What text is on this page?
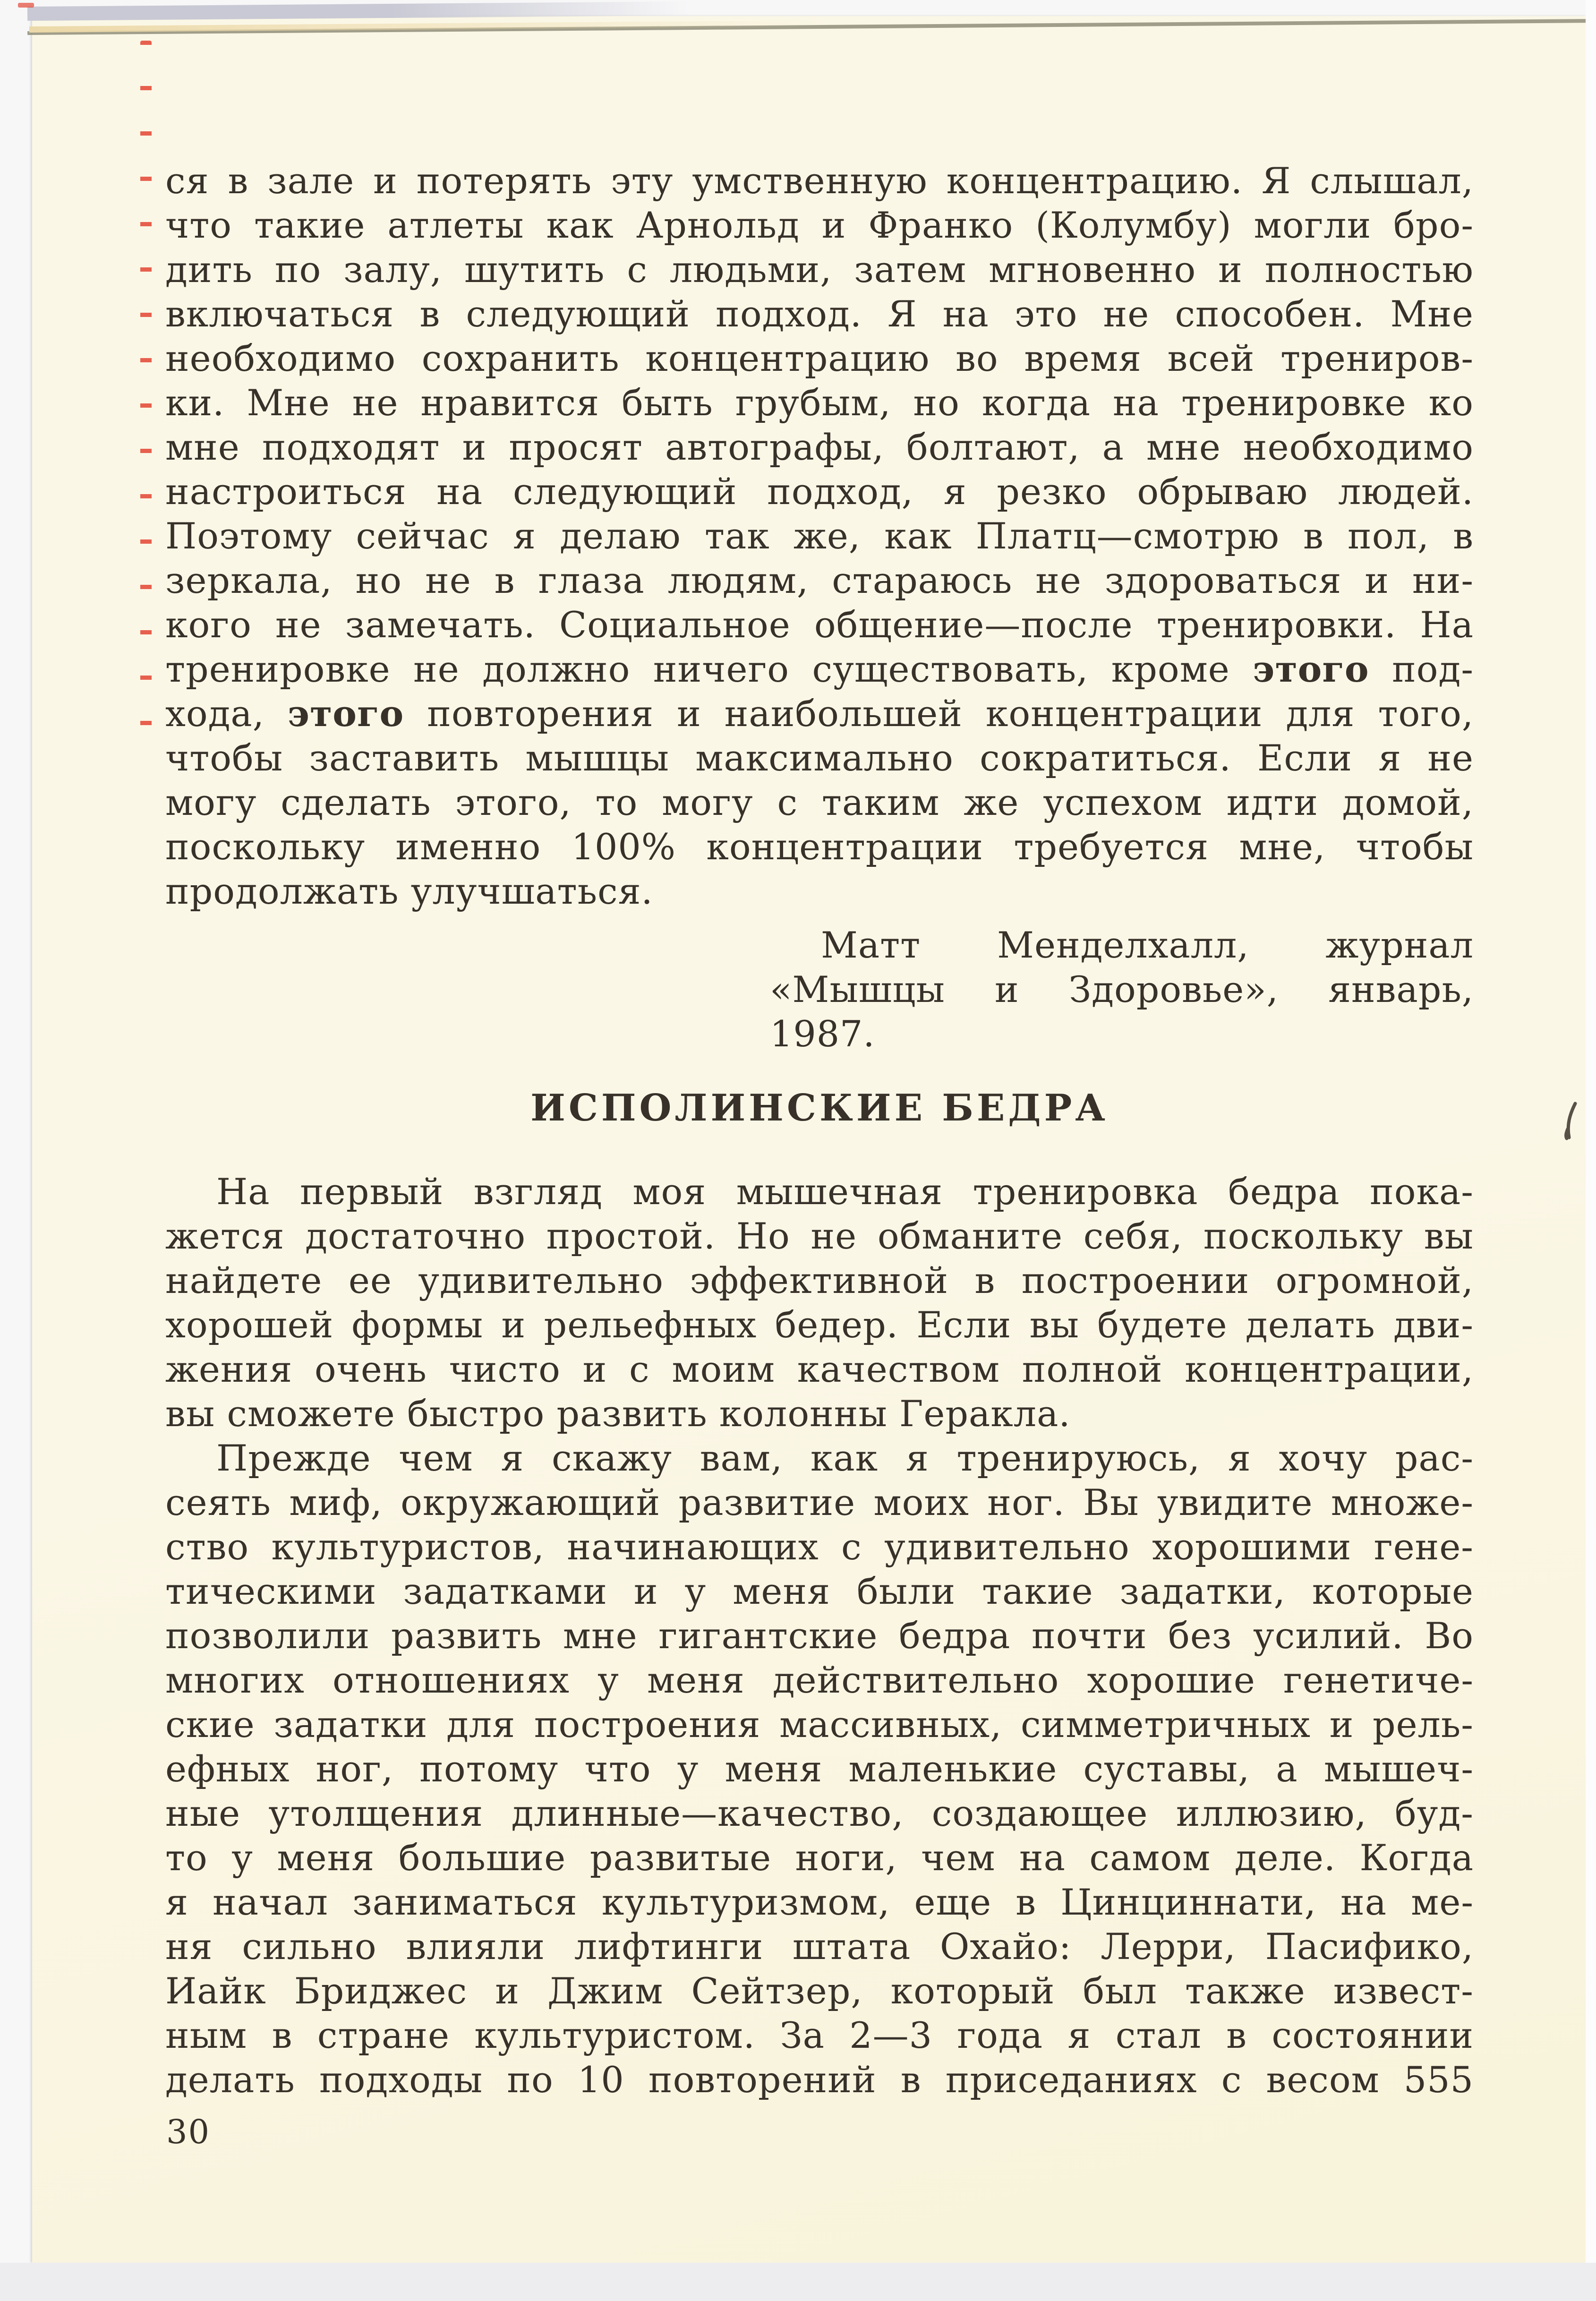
ся в зале и потерять эту умственную концентрацию. Я слышал,
что такие атлеты как Арнольд и Франко (Колумбу) могли бро-
дить по залу, шутить с людьми, затем мгновенно и полностью
включаться в следующий подход. Я на это не способен. Мне
необходимо сохранить концентрацию во время всей трениров-
ки. Мне не нравится быть грубым, но когда на тренировке ко
мне подходят и просят автографы, болтают, а мне необходимо
настроиться на следующий подход, я резко обрываю людей.
Поэтому сейчас я делаю так же, как Платц—смотрю в пол, в
зеркала, но не в глаза людям, стараюсь не здороваться и ни-
кого не замечать. Социальное общение—после тренировки. На
тренировке не должно ничего существовать, кроме этого под-
хода, этого повторения и наибольшей концентрации для того,
чтобы заставить мышцы максимально сократиться. Если я не
могу сделать этого, то могу с таким же успехом идти домой,
поскольку именно 100% концентрации требуется мне, чтобы
продолжать улучшаться.
Матт Менделхалл, журнал
«Мышцы и Здоровье», январь,
1987.
ИСПОЛИНСКИЕ БЕДРА
На первый взгляд моя мышечная тренировка бедра пока-
жется достаточно простой. Но не обманите себя, поскольку вы
найдете ее удивительно эффективной в построении огромной,
хорошей формы и рельефных бедер. Если вы будете делать дви-
жения очень чисто и с моим качеством полной концентрации,
вы сможете быстро развить колонны Геракла.
Прежде чем я скажу вам, как я тренируюсь, я хочу рас-
сеять миф, окружающий развитие моих ног. Вы увидите множе-
ство культуристов, начинающих с удивительно хорошими гене-
тическими задатками и у меня были такие задатки, которые
позволили развить мне гигантские бедра почти без усилий. Во
многих отношениях у меня действительно хорошие генетиче-
ские задатки для построения массивных, симметричных и рель-
ефных ног, потому что у меня маленькие суставы, а мышеч-
ные утолщения длинные—качество, создающее иллюзию, буд-
то у меня большие развитые ноги, чем на самом деле. Когда
я начал заниматься культуризмом, еще в Цинциннати, на ме-
ня сильно влияли лифтинги штата Охайо: Лерри, Пасифико,
Иайк Бриджес и Джим Сейтзер, который был также извест-
ным в стране культуристом. За 2—3 года я стал в состоянии
делать подходы по 10 повторений в приседаниях с весом 555
30
